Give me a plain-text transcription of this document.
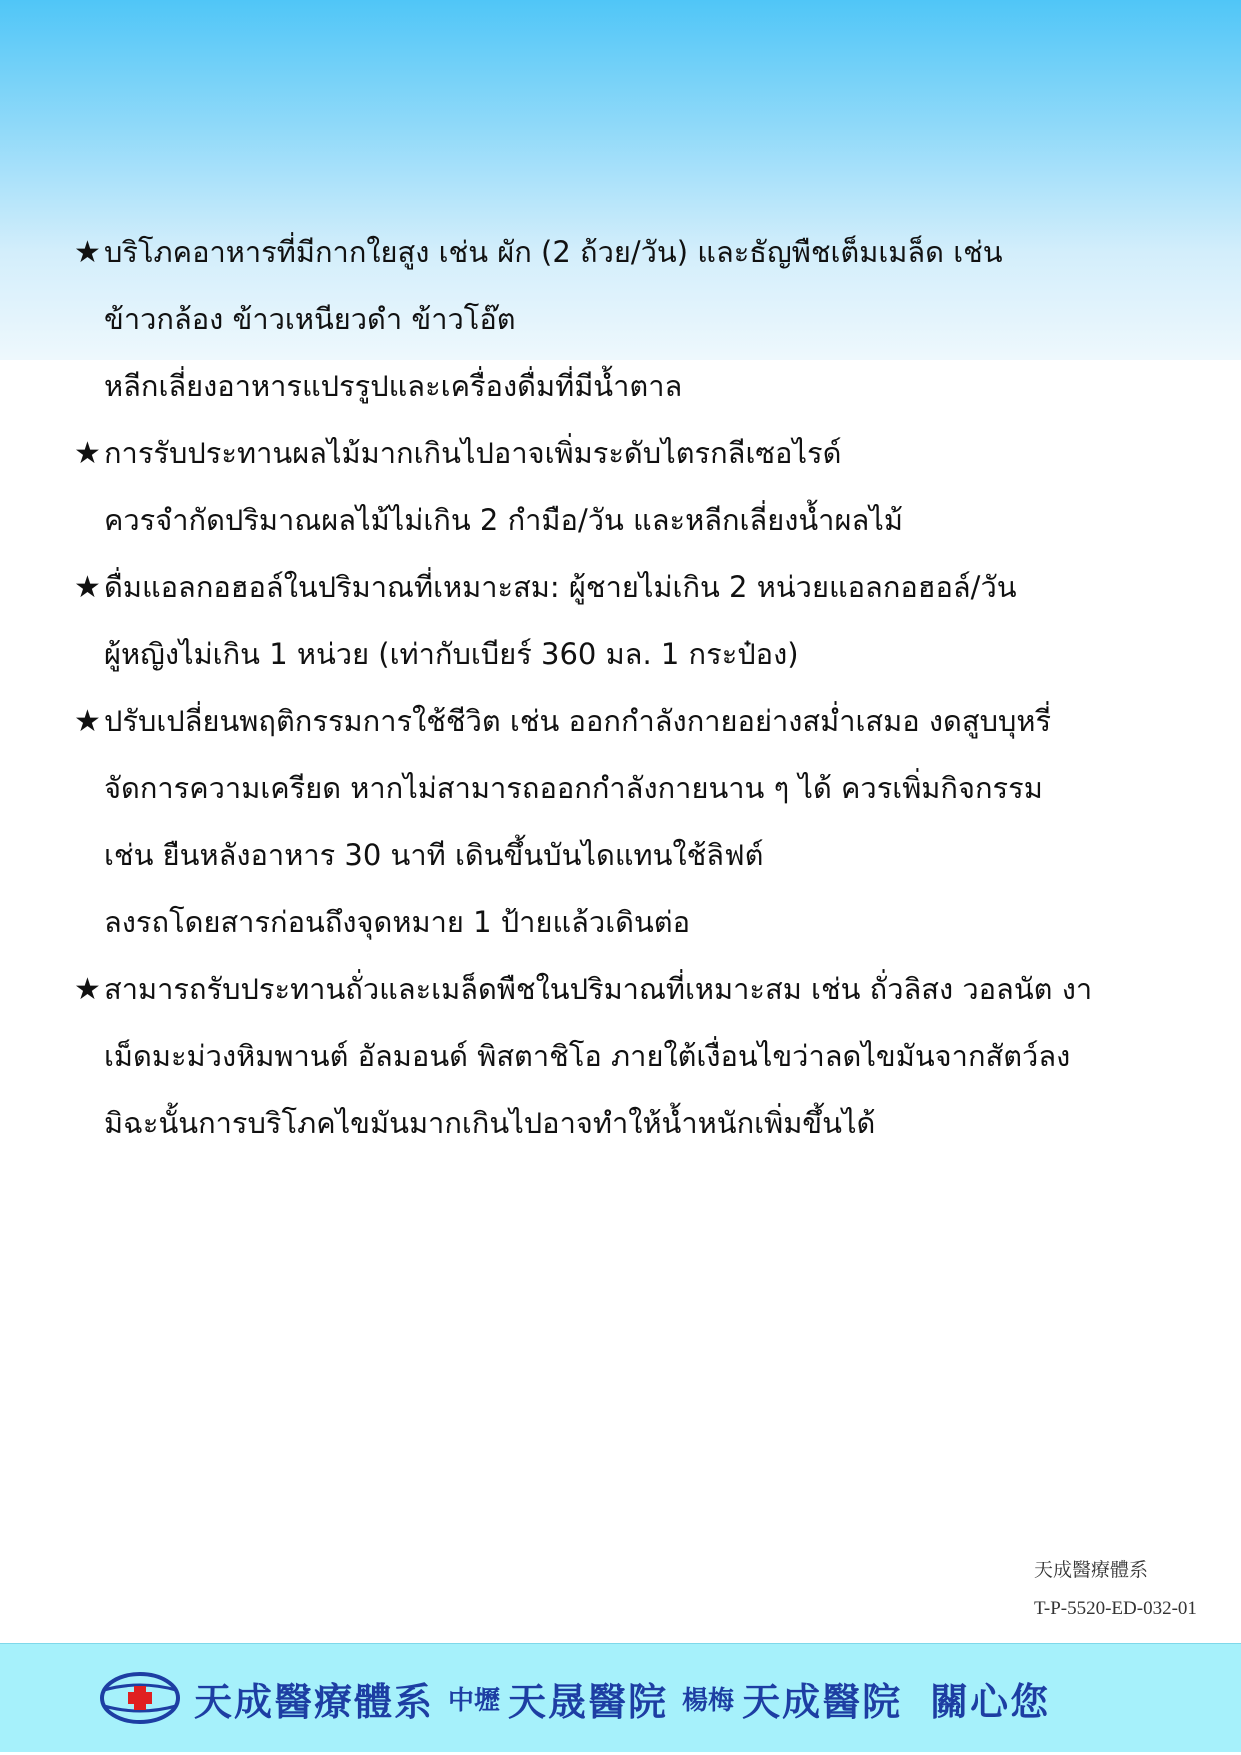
★ บริโภคอาหารที่มีกากใยสูง เช่น ผัก (2 ถ้วย/วัน) และธัญพืชเต็มเมล็ด เช่น
ข้าวกล้อง ข้าวเหนียวดำ ข้าวโอ๊ต
หลีกเลี่ยงอาหารแปรรูปและเครื่องดื่มที่มีน้ำตาล
★ การรับประทานผลไม้มากเกินไปอาจเพิ่มระดับไตรกลีเซอไรด์
ควรจำกัดปริมาณผลไม้ไม่เกิน 2 กำมือ/วัน และหลีกเลี่ยงน้ำผลไม้
★ ดื่มแอลกอฮอล์ในปริมาณที่เหมาะสม: ผู้ชายไม่เกิน 2 หน่วยแอลกอฮอล์/วัน
ผู้หญิงไม่เกิน 1 หน่วย (เท่ากับเบียร์ 360 มล. 1 กระป๋อง)
★ ปรับเปลี่ยนพฤติกรรมการใช้ชีวิต เช่น ออกกำลังกายอย่างสม่ำเสมอ งดสูบบุหรี่
จัดการความเครียด หากไม่สามารถออกกำลังกายนาน ๆ ได้ ควรเพิ่มกิจกรรม
เช่น ยืนหลังอาหาร 30 นาที เดินขึ้นบันไดแทนใช้ลิฟต์
ลงรถโดยสารก่อนถึงจุดหมาย 1 ป้ายแล้วเดินต่อ
★ สามารถรับประทานถั่วและเมล็ดพืชในปริมาณที่เหมาะสม เช่น ถั่วลิสง วอลนัต งา
เม็ดมะม่วงหิมพานต์ อัลมอนด์ พิสตาชิโอ ภายใต้เงื่อนไขว่าลดไขมันจากสัตว์ลง
มิฉะนั้นการบริโภคไขมันมากเกินไปอาจทำให้น้ำหนักเพิ่มขึ้นได้
天成醫療體系
T-P-5520-ED-032-01
天成醫療體系 中壢 天晟醫院 楊梅 天成醫院 關心您
